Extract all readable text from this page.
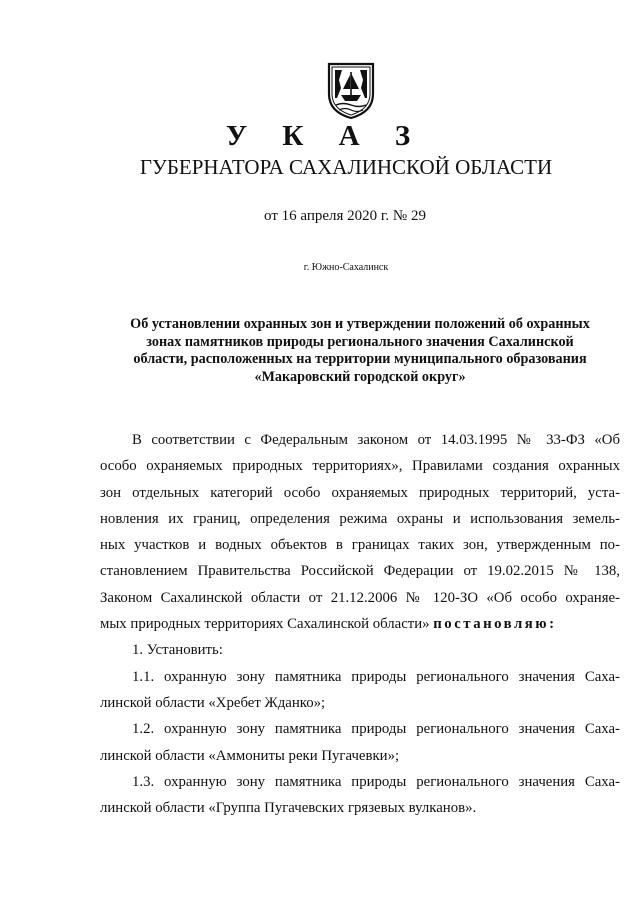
У К А З
ГУБЕРНАТОРА САХАЛИНСКОЙ ОБЛАСТИ
от 16 апреля 2020 г. № 29
г. Южно-Сахалинск
Об установлении охранных зон и утверждении положений об охранных
зонах памятников природы регионального значения Сахалинской
области, расположенных на территории муниципального образования
«Макаровский городской округ»
В соответствии с Федеральным законом от 14.03.1995 № 33-ФЗ «Об
особо охраняемых природных территориях», Правилами создания охранных
зон отдельных категорий особо охраняемых природных территорий, уста-
новления их границ, определения режима охраны и использования земель-
ных участков и водных объектов в границах таких зон, утвержденным по-
становлением Правительства Российской Федерации от 19.02.2015 № 138,
Законом Сахалинской области от 21.12.2006 № 120-ЗО «Об особо охраняе-
мых природных территориях Сахалинской области» постановляю:
1. Установить:
1.1. охранную зону памятника природы регионального значения Саха-
линской области «Хребет Жданко»;
1.2. охранную зону памятника природы регионального значения Саха-
линской области «Аммониты реки Пугачевки»;
1.3. охранную зону памятника природы регионального значения Саха-
линской области «Группа Пугачевских грязевых вулканов».
